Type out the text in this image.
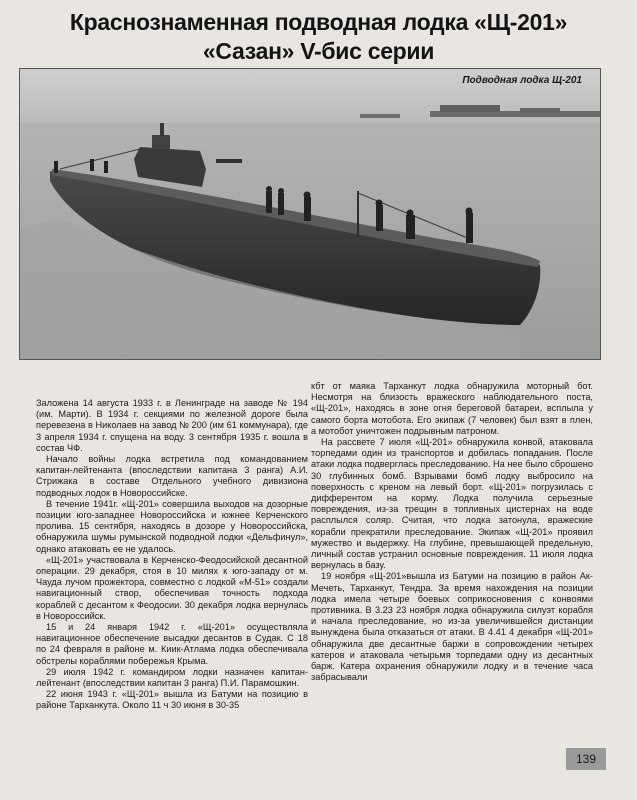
Краснознаменная подводная лодка «Щ-201»
«Сазан» V-бис серии
Подводная лодка Щ-201

Заложена 14 августа 1933 г. в Ленинграде на заводе № 194 (им. Марти). В 1934 г. секциями по железной дороге была перевезена в Николаев на завод № 200 (им 61 коммунара), где 3 апреля 1934 г. спущена на воду. 3 сентября 1935 г. вошла в состав ЧФ.

Начало войны лодка встретила под командованием капитан-лейтенанта (впоследствии капитана 3 ранга) А.И. Стрижака в составе Отдельного учебного дивизиона подводных лодок в Новороссийске.

В течение 1941г. «Щ-201» совершила выходов на дозорные позиции юго-западнее Новороссийска и южнее Керченского пролива. 15 сентября, находясь в дозоре у Новороссийска, обнаружила шумы румынской подводной лодки «Дельфинул», однако атаковать ее не удалось.

«Щ-201» участвовала в Керченско-Феодосийской десантной операции. 29 декабря, стоя в 10 милях к юго-западу от м. Чауда лучом прожектора, совместно с лодкой «М-51» создали навигационный створ, обеспечивая точность подхода кораблей с десантом к Феодосии. 30 декабря лодка вернулась в Новороссийск.

15 и 24 января 1942 г. «Щ-201» осуществляла навигационное обеспечение высадки десантов в Судак. С 18 по 24 февраля в районе м. Киик-Атлама лодка обеспечивала обстрелы кораблями побережья Крыма.

29 июля 1942 г. командиром лодки назначен капитан-лейтенант (впоследствии капитан 3 ранга) П.И. Парамошкин.

22 июня 1943 г. «Щ-201» вышла из Батуми на позицию в районе Тарханкута. Около 11 ч 30 июня в 30-35

кбт от маяка Тарханкут лодка обнаружила моторный бот. Несмотря на близость вражеского наблюдательного поста, «Щ-201», находясь в зоне огня береговой батареи, всплыла у самого борта мотобота. Его экипаж (7 человек) был взят в плен, а мотобот уничтожен подрывным патроном.

На рассвете 7 июля «Щ-201» обнаружила конвой, атаковала торпедами один из транспортов и добилась попадания. После атаки лодка подверглась преследованию. На нее было сброшено 30 глубинных бомб. Взрывами бомб лодку выбросило на поверхность с креном на левый борт. «Щ-201» погрузилась с дифферентом на корму. Лодка получила серьезные повреждения, из-за трещин в топливных цистернах на воде расплылся соляр. Считая, что лодка затонула, вражеские корабли прекратили преследование. Экипаж «Щ-201» проявил мужество и выдержку. На глубине, превышающей предельную, личный состав устранил основные повреждения. 11 июля лодка вернулась в базу.

19 ноября «Щ-201»вышла из Батуми на позицию в район Ак-Мечеть, Тарханкут, Тендра. За время нахождения на позиции лодка имела четыре боевых соприкосновения с конвоями противника. В 3.23 23 ноября лодка обнаружила силуэт корабля и начала преследование, но из-за увеличившейся дистанции вынуждена была отказаться от атаки. В 4.41 4 декабря «Щ-201» обнаружила две десантные баржи в сопровождении четырех катеров и атаковала четырьмя торпедами одну из десантных барж. Катера охранения обнаружили лодку и в течение часа забрасывали

139
